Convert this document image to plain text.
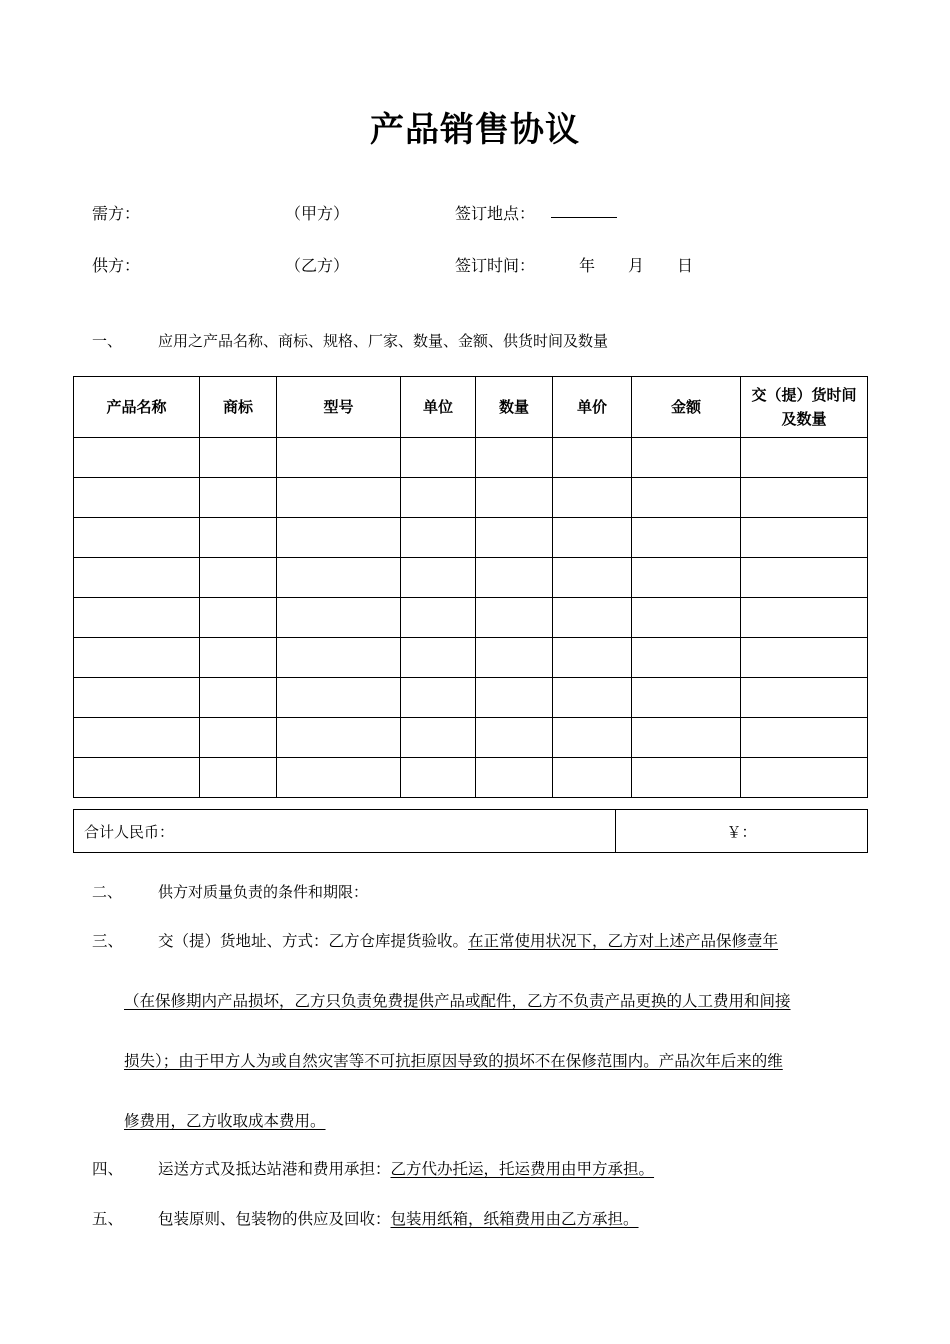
产品销售协议
需方：	（甲方）	签订地点：
供方：	（乙方）	签订时间：	年 月 日
一、 应用之产品名称、商标、规格、厂家、数量、金额、供货时间及数量
产品名称	商标	型号	单位	数量	单价	金额	交（提）货时间及数量

合计人民币：	￥：
二、 供方对质量负责的条件和期限：
三、 交（提）货地址、方式：乙方仓库提货验收。在正常使用状况下，乙方对上述产品保修壹年
（在保修期内产品损坏，乙方只负责免费提供产品或配件，乙方不负责产品更换的人工费用和间接
损失）；由于甲方人为或自然灾害等不可抗拒原因导致的损坏不在保修范围内。产品次年后来的维
修费用，乙方收取成本费用。
四、 运送方式及抵达站港和费用承担：乙方代办托运，托运费用由甲方承担。
五、 包装原则、包装物的供应及回收：包装用纸箱，纸箱费用由乙方承担。
